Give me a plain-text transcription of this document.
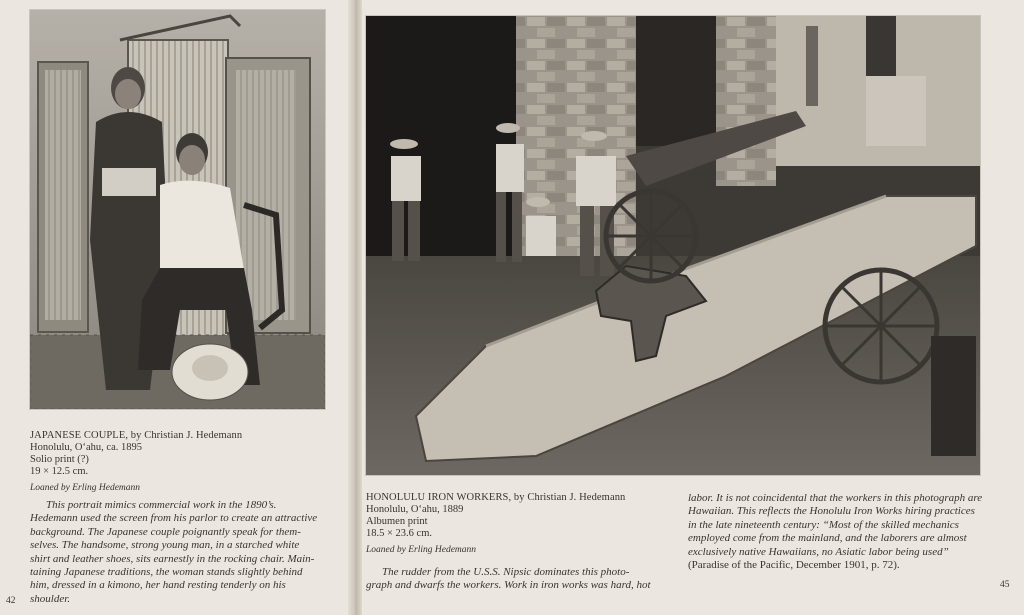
JAPANESE COUPLE, by Christian J. Hedemann
Honolulu, O‘ahu, ca. 1895
Solio print (?)
19 × 12.5 cm.
Loaned by Erling Hedemann
This portrait mimics commercial work in the 1890’s.
Hedemann used the screen from his parlor to create an attractive
background. The Japanese couple poignantly speak for them-
selves. The handsome, strong young man, in a starched white
shirt and leather shoes, sits earnestly in the rocking chair. Main-
taining Japanese traditions, the woman stands slightly behind
him, dressed in a kimono, her hand resting tenderly on his
shoulder.
42
HONOLULU IRON WORKERS, by Christian J. Hedemann
Honolulu, O‘ahu, 1889
Albumen print
18.5 × 23.6 cm.
Loaned by Erling Hedemann
The rudder from the U.S.S. Nipsic dominates this photo-
graph and dwarfs the workers. Work in iron works was hard, hot
labor. It is not coincidental that the workers in this photograph are
Hawaiian. This reflects the Honolulu Iron Works hiring practices
in the late nineteenth century: “Most of the skilled mechanics
employed come from the mainland, and the laborers are almost
exclusively native Hawaiians, no Asiatic labor being used”
(Paradise of the Pacific, December 1901, p. 72).
45
